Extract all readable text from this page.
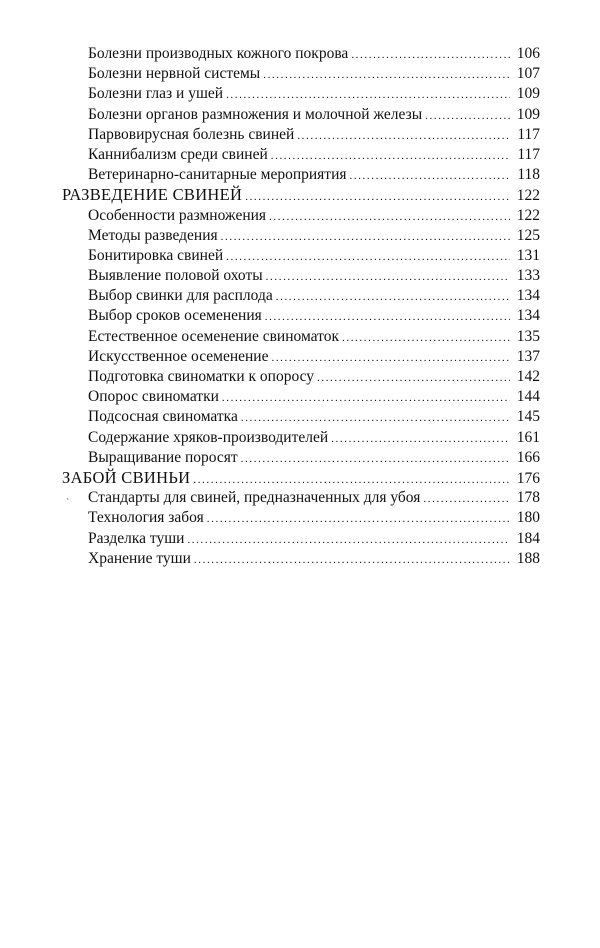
Болезни производных кожного покрова .....	106
Болезни нервной системы .....	107
Болезни глаз и ушей .....	109
Болезни органов размножения и молочной железы .....	109
Парвовирусная болезнь свиней .....	117
Каннибализм среди свиней .....	117
Ветеринарно-санитарные мероприятия .....	118
РАЗВЕДЕНИЕ СВИНЕЙ .....	122
Особенности размножения .....	122
Методы разведения .....	125
Бонитировка свиней .....	131
Выявление половой охоты .....	133
Выбор свинки для расплода .....	134
Выбор сроков осеменения .....	134
Естественное осеменение свиноматок .....	135
Искусственное осеменение .....	137
Подготовка свиноматки к опоросу .....	142
Опорос свиноматки .....	144
Подсосная свиноматка .....	145
Содержание хряков-производителей .....	161
Выращивание поросят .....	166
ЗАБОЙ СВИНЬИ .....	176
Стандарты для свиней, предназначенных для убоя .....	178
Технология забоя .....	180
Разделка туши .....	184
Хранение туши .....	188
`
